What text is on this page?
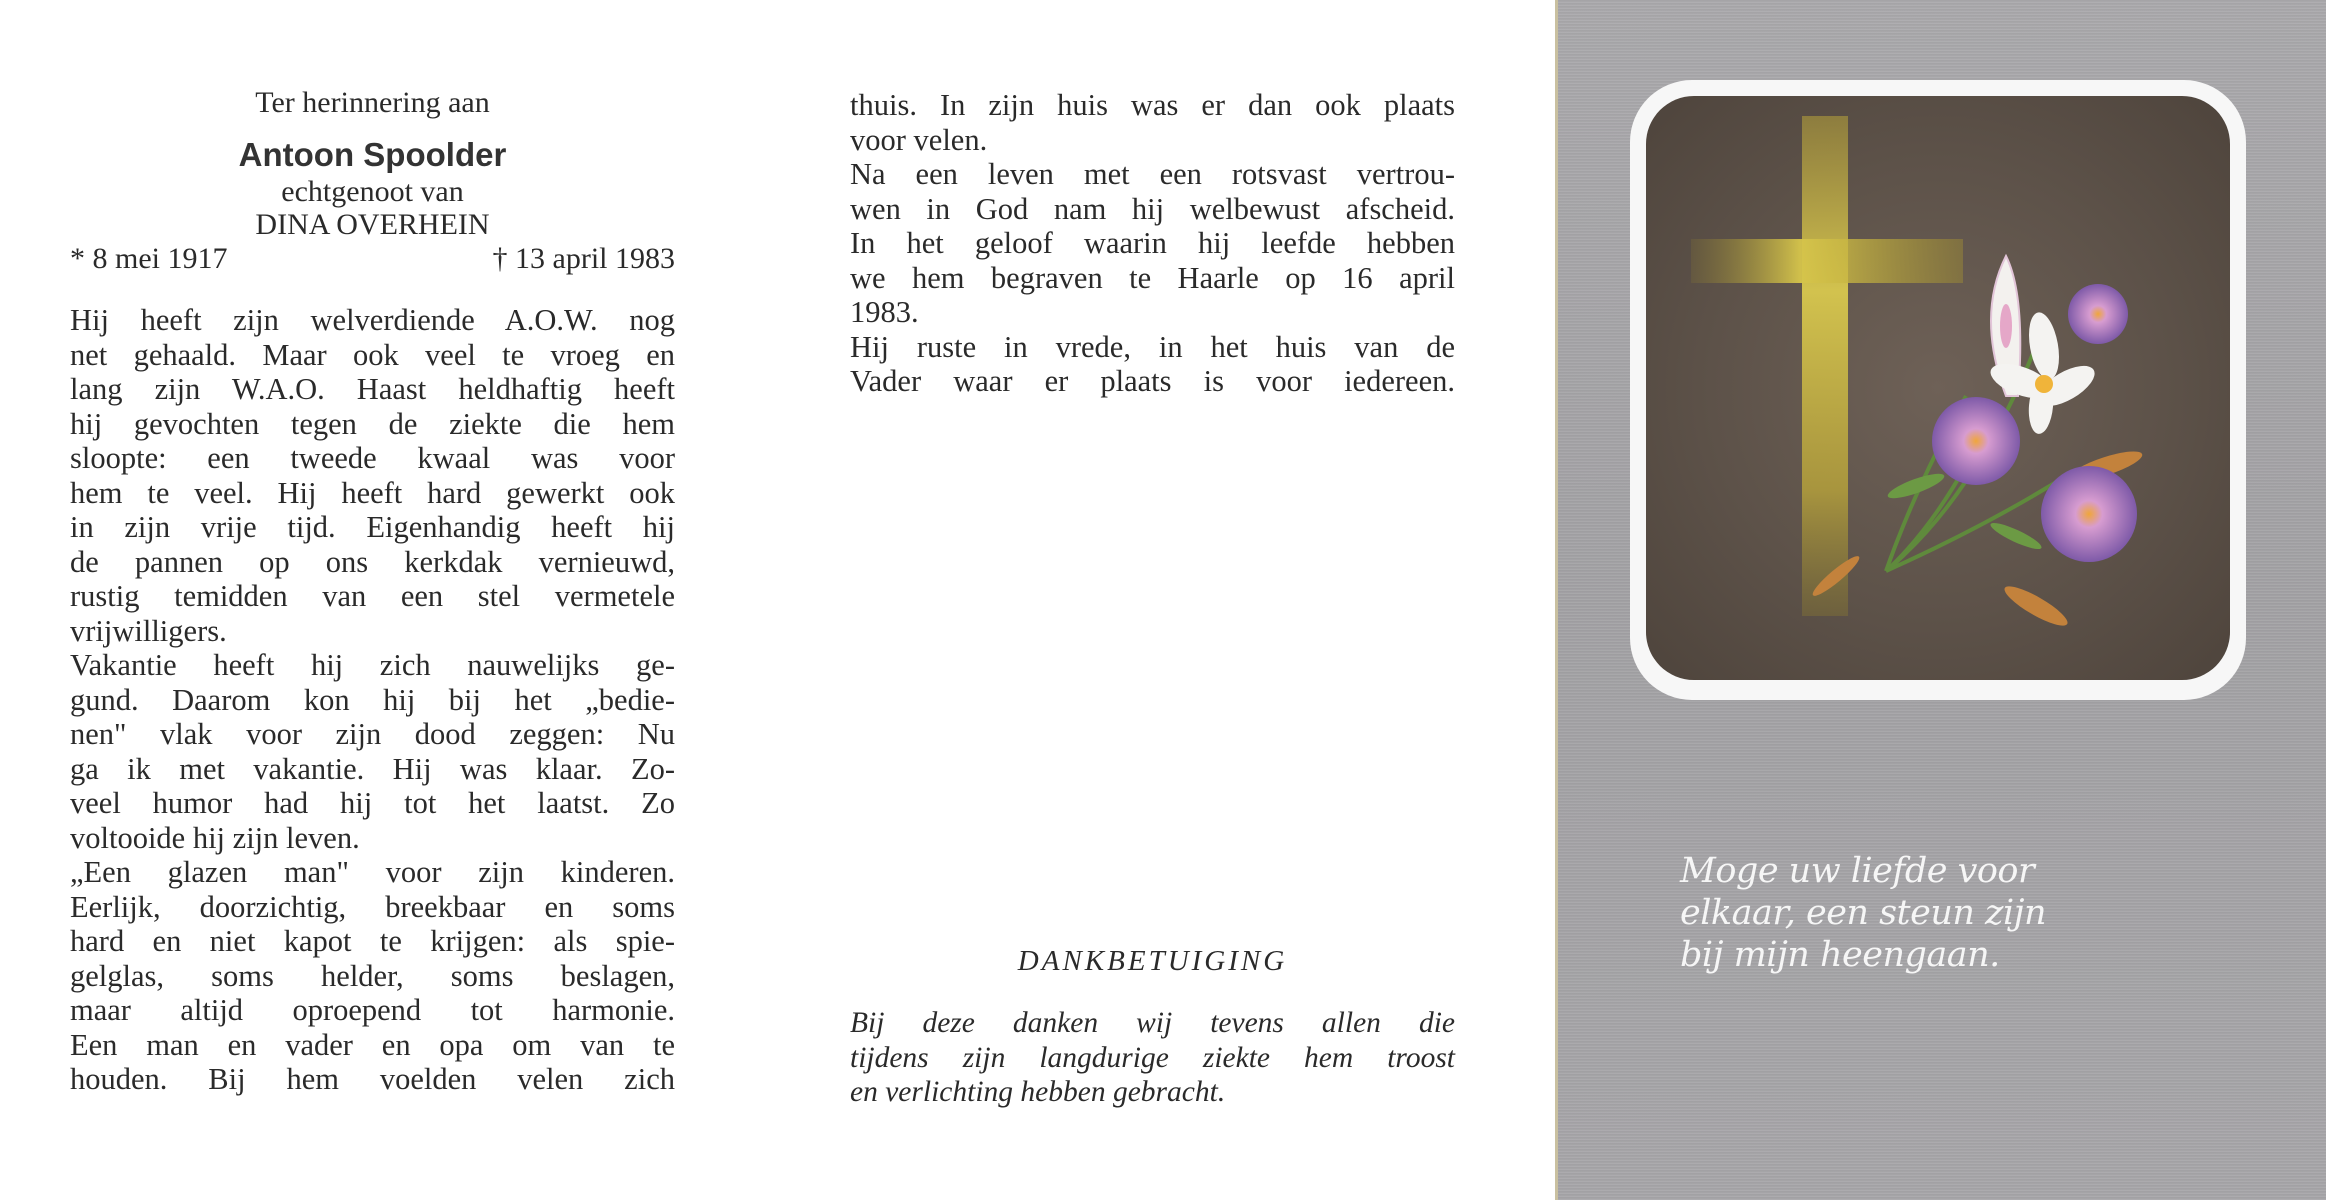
Ter herinnering aan
Antoon Spoolder
echtgenoot van
DINA OVERHEIN
* 8 mei 1917	† 13 april 1983
Hij heeft zijn welverdiende A.O.W. nog
net gehaald. Maar ook veel te vroeg en
lang zijn W.A.O. Haast heldhaftig heeft
hij gevochten tegen de ziekte die hem
sloopte: een tweede kwaal was voor
hem te veel. Hij heeft hard gewerkt ook
in zijn vrije tijd. Eigenhandig heeft hij
de pannen op ons kerkdak vernieuwd,
rustig temidden van een stel vermetele
vrijwilligers.
Vakantie heeft hij zich nauwelijks ge-
gund. Daarom kon hij bij het „bedie-
nen" vlak voor zijn dood zeggen: Nu
ga ik met vakantie. Hij was klaar. Zo-
veel humor had hij tot het laatst. Zo
voltooide hij zijn leven.
„Een glazen man" voor zijn kinderen.
Eerlijk, doorzichtig, breekbaar en soms
hard en niet kapot te krijgen: als spie-
gelglas, soms helder, soms beslagen,
maar altijd oproepend tot harmonie.
Een man en vader en opa om van te
houden. Bij hem voelden velen zich
thuis. In zijn huis was er dan ook plaats
voor velen.
Na een leven met een rotsvast vertrou-
wen in God nam hij welbewust afscheid.
In het geloof waarin hij leefde hebben
we hem begraven te Haarle op 16 april
1983.
Hij ruste in vrede, in het huis van de
Vader waar er plaats is voor iedereen.
DANKBETUIGING
Bij deze danken wij tevens allen die
tijdens zijn langdurige ziekte hem troost
en verlichting hebben gebracht.
Moge uw liefde voor
elkaar, een steun zijn
bij mijn heengaan.
